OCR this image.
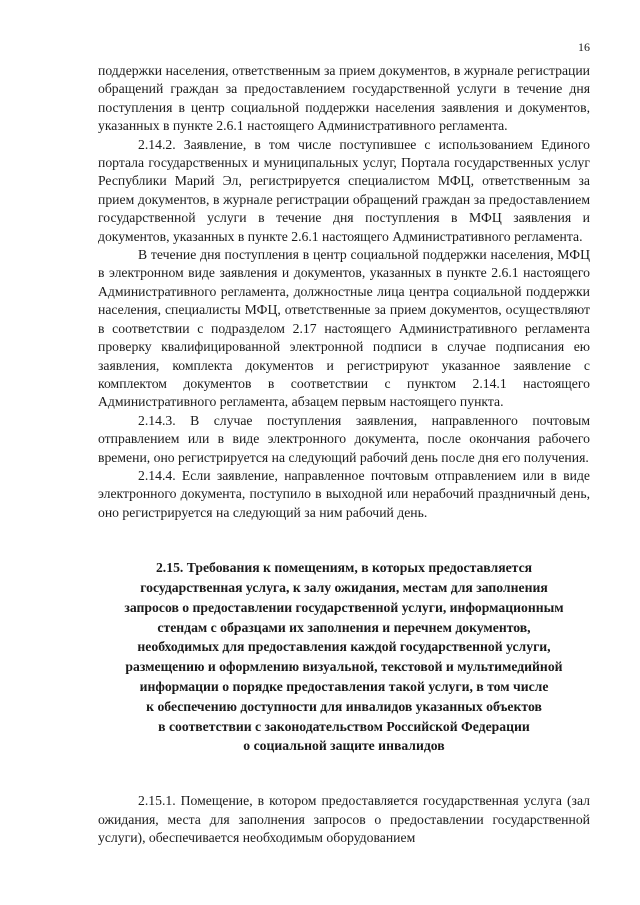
16

поддержки населения, ответственным за прием документов, в журнале регистрации обращений граждан за предоставлением государственной услуги в течение дня поступления в центр социальной поддержки населения заявления и документов, указанных в пункте 2.6.1 настоящего Административного регламента.

2.14.2. Заявление, в том числе поступившее с использованием Единого портала государственных и муниципальных услуг, Портала государственных услуг Республики Марий Эл, регистрируется специалистом МФЦ, ответственным за прием документов, в журнале регистрации обращений граждан за предоставлением государственной услуги в течение дня поступления в МФЦ заявления и документов, указанных в пункте 2.6.1 настоящего Административного регламента.

В течение дня поступления в центр социальной поддержки населения, МФЦ в электронном виде заявления и документов, указанных в пункте 2.6.1 настоящего Административного регламента, должностные лица центра социальной поддержки населения, специалисты МФЦ, ответственные за прием документов, осуществляют в соответствии с подразделом 2.17 настоящего Административного регламента проверку квалифицированной электронной подписи в случае подписания ею заявления, комплекта документов и регистрируют указанное заявление с комплектом документов в соответствии с пунктом 2.14.1 настоящего Административного регламента, абзацем первым настоящего пункта.

2.14.3. В случае поступления заявления, направленного почтовым отправлением или в виде электронного документа, после окончания рабочего времени, оно регистрируется на следующий рабочий день после дня его получения.

2.14.4. Если заявление, направленное почтовым отправлением или в виде электронного документа, поступило в выходной или нерабочий праздничный день, оно регистрируется на следующий за ним рабочий день.

2.15. Требования к помещениям, в которых предоставляется
государственная услуга, к залу ожидания, местам для заполнения
запросов о предоставлении государственной услуги, информационным
стендам с образцами их заполнения и перечнем документов,
необходимых для предоставления каждой государственной услуги,
размещению и оформлению визуальной, текстовой и мультимедийной
информации о порядке предоставления такой услуги, в том числе
к обеспечению доступности для инвалидов указанных объектов
в соответствии с законодательством Российской Федерации
о социальной защите инвалидов

2.15.1. Помещение, в котором предоставляется государственная услуга (зал ожидания, места для заполнения запросов о предоставлении государственной услуги), обеспечивается необходимым оборудованием
